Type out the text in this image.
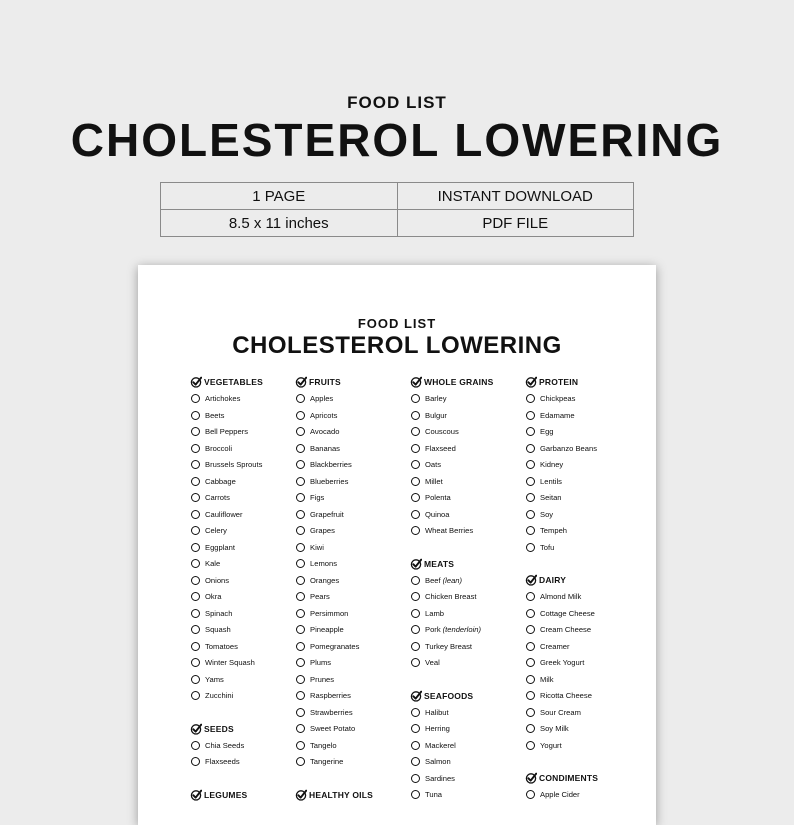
FOOD LIST
CHOLESTEROL LOWERING
1 PAGE	INSTANT DOWNLOAD
8.5 x 11 inches	PDF FILE
FOOD LIST
CHOLESTEROL LOWERING
VEGETABLES
Artichokes
Beets
Bell Peppers
Broccoli
Brussels Sprouts
Cabbage
Carrots
Cauliflower
Celery
Eggplant
Kale
Onions
Okra
Spinach
Squash
Tomatoes
Winter Squash
Yams
Zucchini
SEEDS
Chia Seeds
Flaxseeds
LEGUMES
FRUITS
Apples
Apricots
Avocado
Bananas
Blackberries
Blueberries
Figs
Grapefruit
Grapes
Kiwi
Lemons
Oranges
Pears
Persimmon
Pineapple
Pomegranates
Plums
Prunes
Raspberries
Strawberries
Sweet Potato
Tangelo
Tangerine
HEALTHY OILS
WHOLE GRAINS
Barley
Bulgur
Couscous
Flaxseed
Oats
Millet
Polenta
Quinoa
Wheat Berries
MEATS
Beef (lean)
Chicken Breast
Lamb
Pork (tenderloin)
Turkey Breast
Veal
SEAFOODS
Halibut
Herring
Mackerel
Salmon
Sardines
Tuna
PROTEIN
Chickpeas
Edamame
Egg
Garbanzo Beans
Kidney
Lentils
Seitan
Soy
Tempeh
Tofu
DAIRY
Almond Milk
Cottage Cheese
Cream Cheese
Creamer
Greek Yogurt
Milk
Ricotta Cheese
Sour Cream
Soy Milk
Yogurt
CONDIMENTS
Apple Cider
